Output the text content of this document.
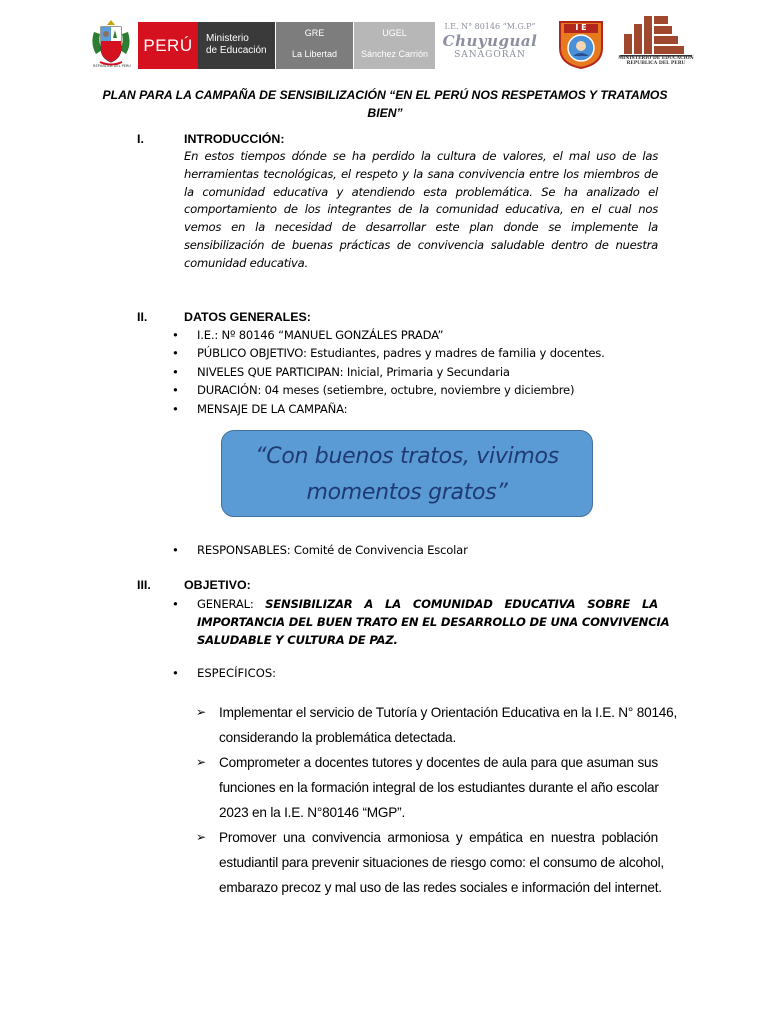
REPÚBLICA DEL PERÚ
PERÚ	Ministerio
de Educación
GRE
La Libertad
UGEL
Sánchez Carrión
I.E. N° 80146 “M.G.P”
Chuyugual
SANAGORÁN
I E
MINISTERIO DE EDUCACION
REPUBLICA DEL PERU
PLAN PARA LA CAMPAÑA DE SENSIBILIZACIÓN “EN EL PERÚ NOS RESPETAMOS Y TRATAMOS
BIEN”
I.	INTRODUCCIÓN:
En estos tiempos dónde se ha perdido la cultura de valores, el mal uso de las
herramientas tecnológicas, el respeto y la sana convivencia entre los miembros de
la comunidad educativa y atendiendo esta problemática. Se ha analizado el
comportamiento de los integrantes de la comunidad educativa, en el cual nos
vemos en la necesidad de desarrollar este plan donde se implemente la
sensibilización de buenas prácticas de convivencia saludable dentro de nuestra
comunidad educativa.
II.	DATOS GENERALES:
• I.E.: Nº 80146 “MANUEL GONZÁLES PRADA”
• PÚBLICO OBJETIVO: Estudiantes, padres y madres de familia y docentes.
• NIVELES QUE PARTICIPAN: Inicial, Primaria y Secundaria
• DURACIÓN: 04 meses (setiembre, octubre, noviembre y diciembre)
• MENSAJE DE LA CAMPAÑA:
“Con buenos tratos, vivimos
momentos gratos”
• RESPONSABLES: Comité de Convivencia Escolar
III.	OBJETIVO:
• GENERAL: SENSIBILIZAR A LA COMUNIDAD EDUCATIVA SOBRE LA
IMPORTANCIA DEL BUEN TRATO EN EL DESARROLLO DE UNA CONVIVENCIA
SALUDABLE Y CULTURA DE PAZ.
• ESPECÍFICOS:
➢ Implementar el servicio de Tutoría y Orientación Educativa en la I.E. N° 80146,
considerando la problemática detectada.
➢ Comprometer a docentes tutores y docentes de aula para que asuman sus
funciones en la formación integral de los estudiantes durante el año escolar
2023 en la I.E. N°80146 “MGP”.
➢ Promover una convivencia armoniosa y empática en nuestra población
estudiantil para prevenir situaciones de riesgo como: el consumo de alcohol,
embarazo precoz y mal uso de las redes sociales e información del internet.
